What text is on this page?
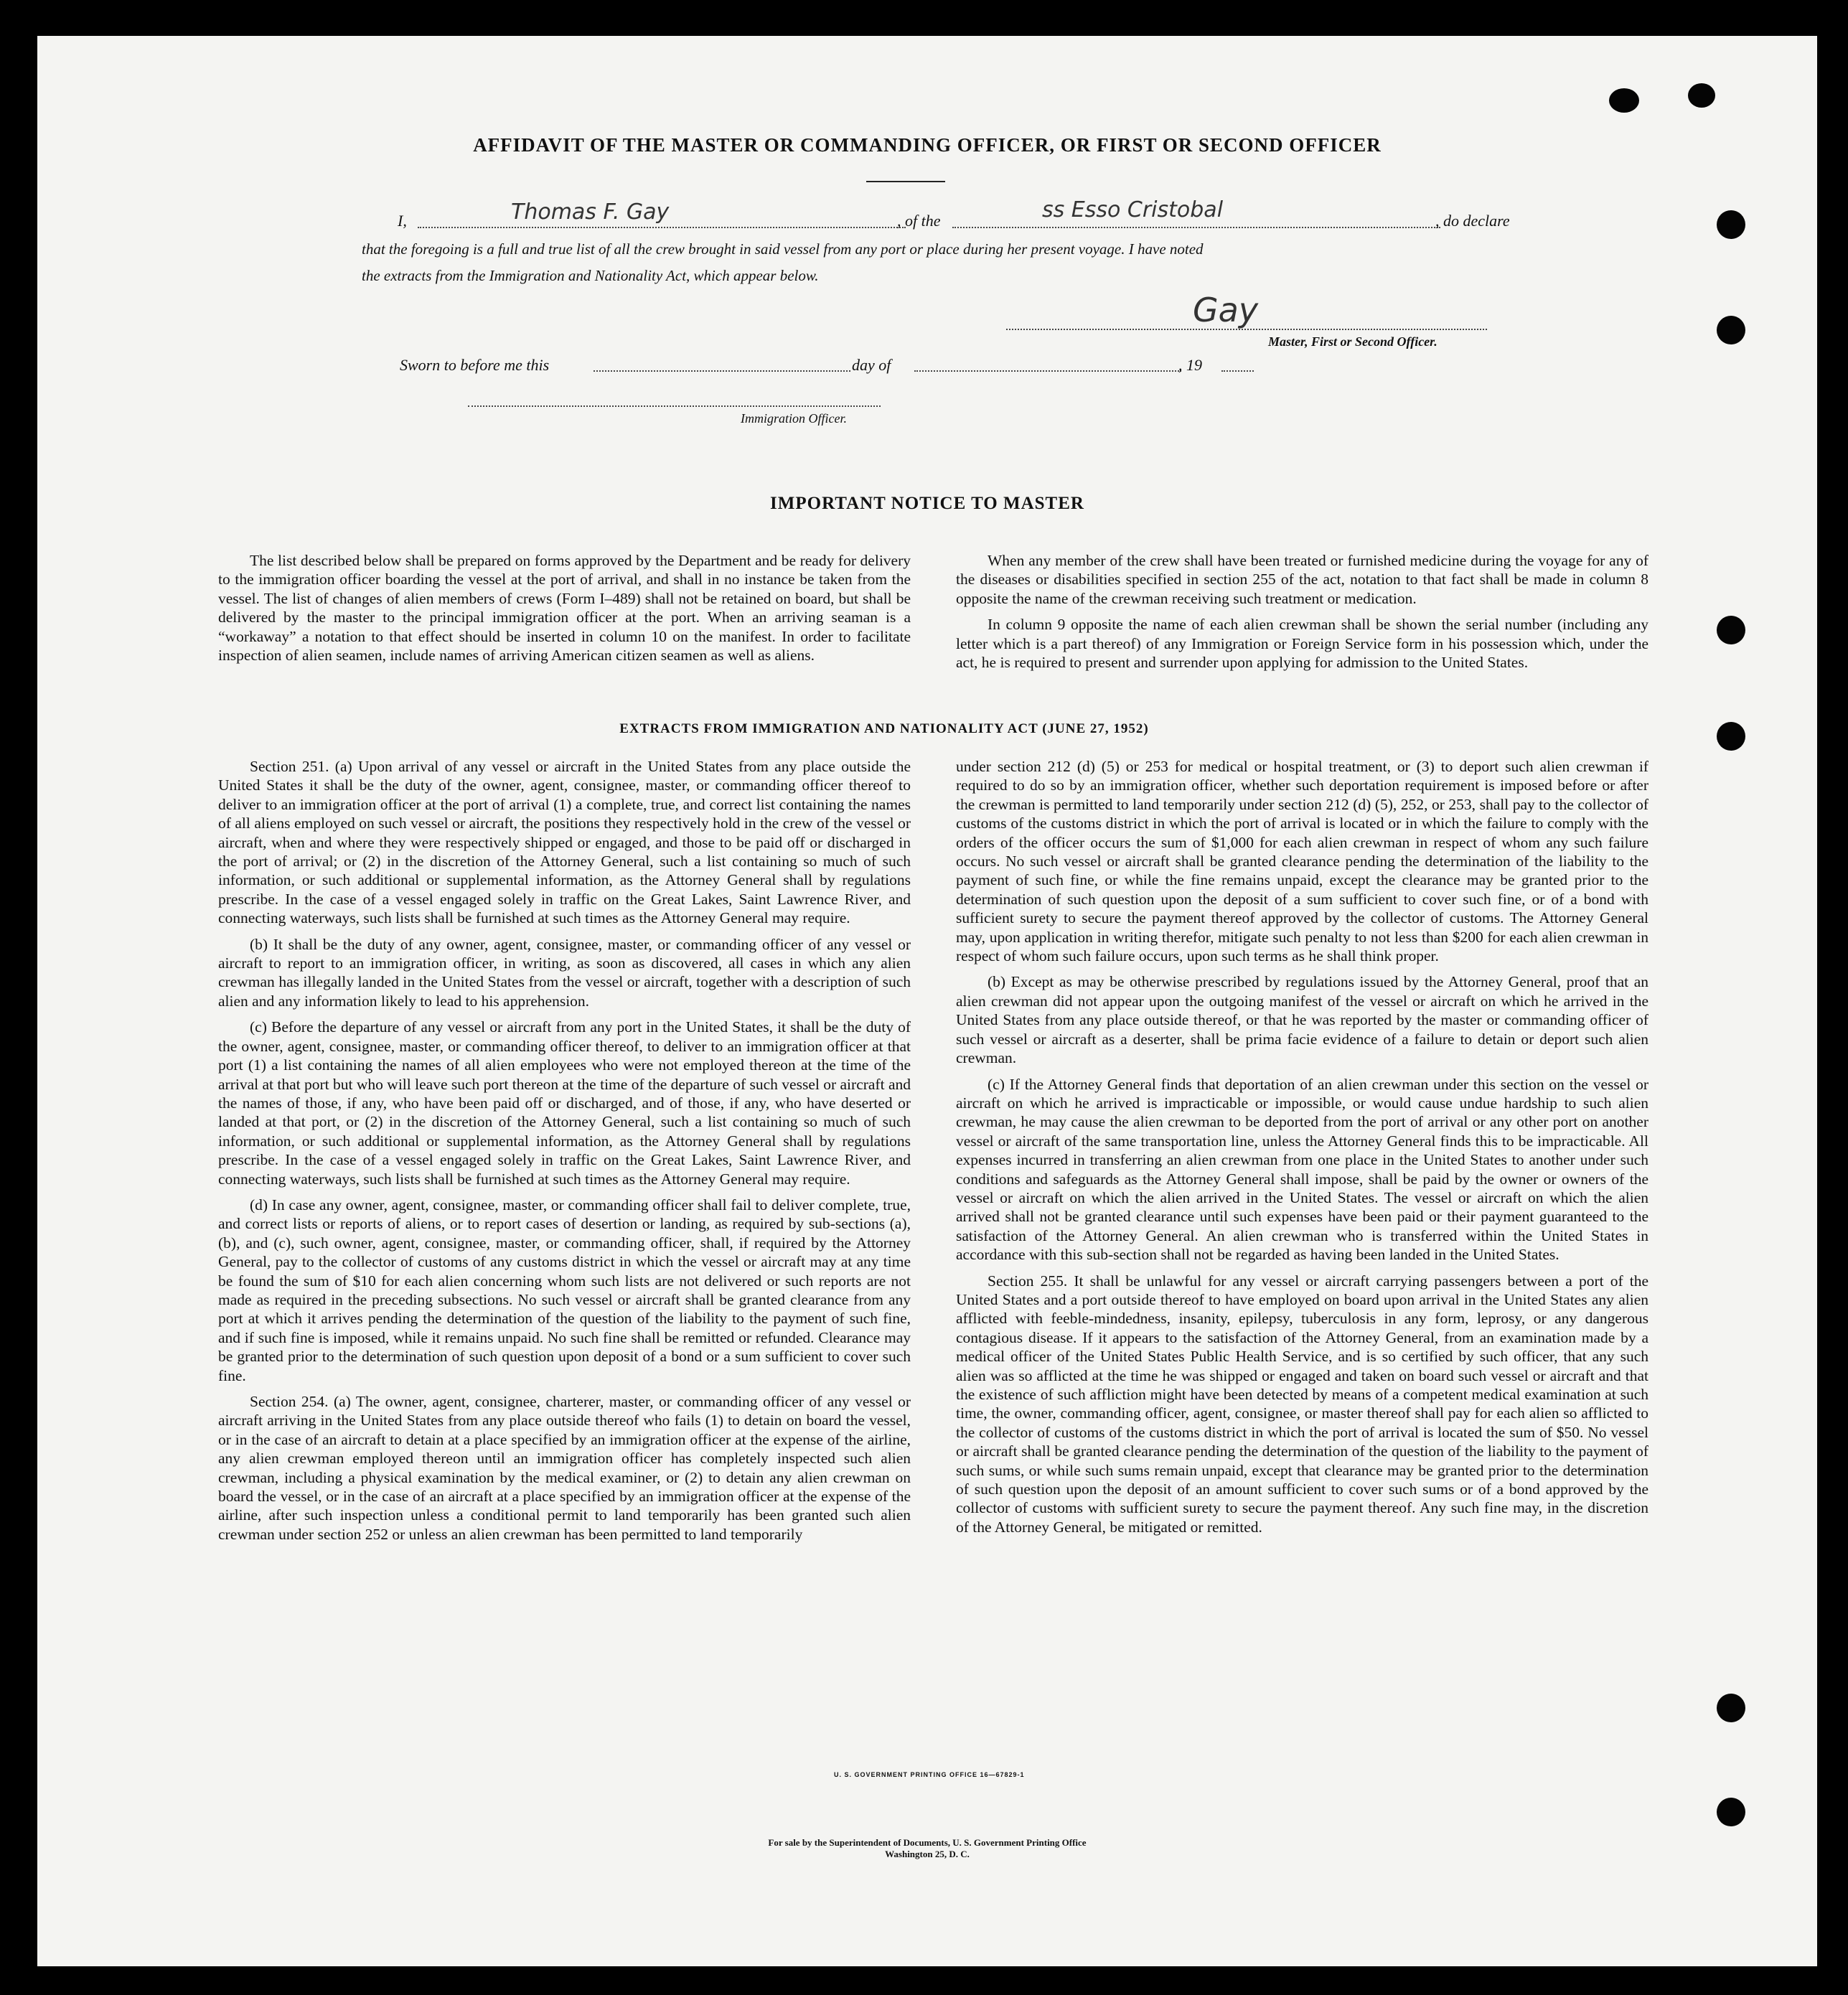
AFFIDAVIT OF THE MASTER OR COMMANDING OFFICER, OR FIRST OR SECOND OFFICER
I,	Thomas F. Gay	, of the	ss Esso Cristobal	, do declare
that the foregoing is a full and true list of all the crew brought in said vessel from any port or place during her present voyage. I have noted
the extracts from the Immigration and Nationality Act, which appear below.
Gay
Master, First or Second Officer.
Sworn to before me this	day of	, 19
Immigration Officer.
IMPORTANT NOTICE TO MASTER

The list described below shall be prepared on forms approved by the Department and be ready for delivery to the immigration officer boarding the vessel at the port of arrival, and shall in no instance be taken from the vessel. The list of changes of alien members of crews (Form I–489) shall not be retained on board, but shall be delivered by the master to the principal immigration officer at the port. When an arriving seaman is a “workaway” a notation to that effect should be inserted in column 10 on the manifest. In order to facilitate inspection of alien seamen, include names of arriving American citizen seamen as well as aliens.

When any member of the crew shall have been treated or furnished medicine during the voyage for any of the diseases or disabilities specified in section 255 of the act, notation to that fact shall be made in column 8 opposite the name of the crewman receiving such treatment or medication.

In column 9 opposite the name of each alien crewman shall be shown the serial number (including any letter which is a part thereof) of any Immigration or Foreign Service form in his possession which, under the act, he is required to present and surrender upon applying for admission to the United States.

EXTRACTS FROM IMMIGRATION AND NATIONALITY ACT (JUNE 27, 1952)

Section 251. (a) Upon arrival of any vessel or aircraft in the United States from any place outside the United States it shall be the duty of the owner, agent, consignee, master, or commanding officer thereof to deliver to an immigration officer at the port of arrival (1) a complete, true, and correct list containing the names of all aliens employed on such vessel or aircraft, the positions they respectively hold in the crew of the vessel or aircraft, when and where they were respectively shipped or engaged, and those to be paid off or discharged in the port of arrival; or (2) in the discretion of the Attorney General, such a list containing so much of such information, or such additional or supplemental information, as the Attorney General shall by regulations prescribe. In the case of a vessel engaged solely in traffic on the Great Lakes, Saint Lawrence River, and connecting waterways, such lists shall be furnished at such times as the Attorney General may require.

(b) It shall be the duty of any owner, agent, consignee, master, or commanding officer of any vessel or aircraft to report to an immigration officer, in writing, as soon as discovered, all cases in which any alien crewman has illegally landed in the United States from the vessel or aircraft, together with a description of such alien and any information likely to lead to his apprehension.

(c) Before the departure of any vessel or aircraft from any port in the United States, it shall be the duty of the owner, agent, consignee, master, or commanding officer thereof, to deliver to an immigration officer at that port (1) a list containing the names of all alien employees who were not employed thereon at the time of the arrival at that port but who will leave such port thereon at the time of the departure of such vessel or aircraft and the names of those, if any, who have been paid off or discharged, and of those, if any, who have deserted or landed at that port, or (2) in the discretion of the Attorney General, such a list containing so much of such information, or such additional or supplemental information, as the Attorney General shall by regulations prescribe. In the case of a vessel engaged solely in traffic on the Great Lakes, Saint Lawrence River, and connecting waterways, such lists shall be furnished at such times as the Attorney General may require.

(d) In case any owner, agent, consignee, master, or commanding officer shall fail to deliver complete, true, and correct lists or reports of aliens, or to report cases of desertion or landing, as required by sub-sections (a), (b), and (c), such owner, agent, consignee, master, or commanding officer, shall, if required by the Attorney General, pay to the collector of customs of any customs district in which the vessel or aircraft may at any time be found the sum of $10 for each alien concerning whom such lists are not delivered or such reports are not made as required in the preceding subsections. No such vessel or aircraft shall be granted clearance from any port at which it arrives pending the determination of the question of the liability to the payment of such fine, and if such fine is imposed, while it remains unpaid. No such fine shall be remitted or refunded. Clearance may be granted prior to the determination of such question upon deposit of a bond or a sum sufficient to cover such fine.

Section 254. (a) The owner, agent, consignee, charterer, master, or commanding officer of any vessel or aircraft arriving in the United States from any place outside thereof who fails (1) to detain on board the vessel, or in the case of an aircraft to detain at a place specified by an immigration officer at the expense of the airline, any alien crewman employed thereon until an immigration officer has completely inspected such alien crewman, including a physical examination by the medical examiner, or (2) to detain any alien crewman on board the vessel, or in the case of an aircraft at a place specified by an immigration officer at the expense of the airline, after such inspection unless a conditional permit to land temporarily has been granted such alien crewman under section 252 or unless an alien crewman has been permitted to land temporarily

under section 212 (d) (5) or 253 for medical or hospital treatment, or (3) to deport such alien crewman if required to do so by an immigration officer, whether such deportation requirement is imposed before or after the crewman is permitted to land temporarily under section 212 (d) (5), 252, or 253, shall pay to the collector of customs of the customs district in which the port of arrival is located or in which the failure to comply with the orders of the officer occurs the sum of $1,000 for each alien crewman in respect of whom any such failure occurs. No such vessel or aircraft shall be granted clearance pending the determination of the liability to the payment of such fine, or while the fine remains unpaid, except the clearance may be granted prior to the determination of such question upon the deposit of a sum sufficient to cover such fine, or of a bond with sufficient surety to secure the payment thereof approved by the collector of customs. The Attorney General may, upon application in writing therefor, mitigate such penalty to not less than $200 for each alien crewman in respect of whom such failure occurs, upon such terms as he shall think proper.

(b) Except as may be otherwise prescribed by regulations issued by the Attorney General, proof that an alien crewman did not appear upon the outgoing manifest of the vessel or aircraft on which he arrived in the United States from any place outside thereof, or that he was reported by the master or commanding officer of such vessel or aircraft as a deserter, shall be prima facie evidence of a failure to detain or deport such alien crewman.

(c) If the Attorney General finds that deportation of an alien crewman under this section on the vessel or aircraft on which he arrived is impracticable or impossible, or would cause undue hardship to such alien crewman, he may cause the alien crewman to be deported from the port of arrival or any other port on another vessel or aircraft of the same transportation line, unless the Attorney General finds this to be impracticable. All expenses incurred in transferring an alien crewman from one place in the United States to another under such conditions and safeguards as the Attorney General shall impose, shall be paid by the owner or owners of the vessel or aircraft on which the alien arrived in the United States. The vessel or aircraft on which the alien arrived shall not be granted clearance until such expenses have been paid or their payment guaranteed to the satisfaction of the Attorney General. An alien crewman who is transferred within the United States in accordance with this sub-section shall not be regarded as having been landed in the United States.

Section 255. It shall be unlawful for any vessel or aircraft carrying passengers between a port of the United States and a port outside thereof to have employed on board upon arrival in the United States any alien afflicted with feeble-mindedness, insanity, epilepsy, tuberculosis in any form, leprosy, or any dangerous contagious disease. If it appears to the satisfaction of the Attorney General, from an examination made by a medical officer of the United States Public Health Service, and is so certified by such officer, that any such alien was so afflicted at the time he was shipped or engaged and taken on board such vessel or aircraft and that the existence of such affliction might have been detected by means of a competent medical examination at such time, the owner, commanding officer, agent, consignee, or master thereof shall pay for each alien so afflicted to the collector of customs of the customs district in which the port of arrival is located the sum of $50. No vessel or aircraft shall be granted clearance pending the determination of the question of the liability to the payment of such sums, or while such sums remain unpaid, except that clearance may be granted prior to the determination of such question upon the deposit of an amount sufficient to cover such sums or of a bond approved by the collector of customs with sufficient surety to secure the payment thereof. Any such fine may, in the discretion of the Attorney General, be mitigated or remitted.

U. S. GOVERNMENT PRINTING OFFICE 16—67829-1
For sale by the Superintendent of Documents, U. S. Government Printing Office
Washington 25, D. C.
